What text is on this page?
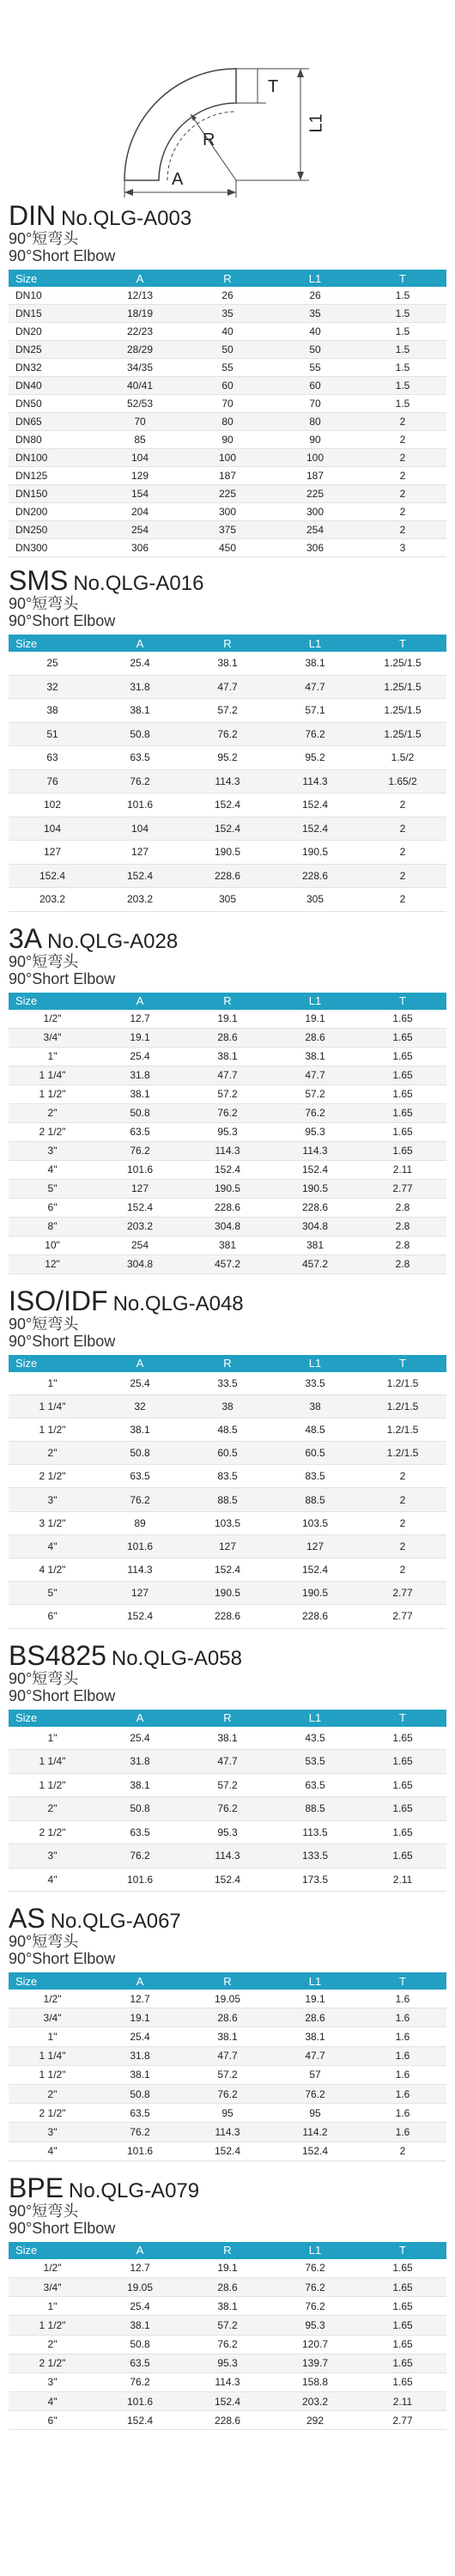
T
R
L1
A
DIN No.QLG-A003
90°短弯头
90°Short Elbow
Size	A	R	L1	T
DN10	12/13	26	26	1.5
DN15	18/19	35	35	1.5
DN20	22/23	40	40	1.5
DN25	28/29	50	50	1.5
DN32	34/35	55	55	1.5
DN40	40/41	60	60	1.5
DN50	52/53	70	70	1.5
DN65	70	80	80	2
DN80	85	90	90	2
DN100	104	100	100	2
DN125	129	187	187	2
DN150	154	225	225	2
DN200	204	300	300	2
DN250	254	375	254	2
DN300	306	450	306	3
SMS No.QLG-A016
90°短弯头
90°Short Elbow
Size	A	R	L1	T
25	25.4	38.1	38.1	1.25/1.5
32	31.8	47.7	47.7	1.25/1.5
38	38.1	57.2	57.1	1.25/1.5
51	50.8	76.2	76.2	1.25/1.5
63	63.5	95.2	95.2	1.5/2
76	76.2	114.3	114.3	1.65/2
102	101.6	152.4	152.4	2
104	104	152.4	152.4	2
127	127	190.5	190.5	2
152.4	152.4	228.6	228.6	2
203.2	203.2	305	305	2
3A No.QLG-A028
90°短弯头
90°Short Elbow
Size	A	R	L1	T
1/2"	12.7	19.1	19.1	1.65
3/4"	19.1	28.6	28.6	1.65
1"	25.4	38.1	38.1	1.65
1 1/4"	31.8	47.7	47.7	1.65
1 1/2"	38.1	57.2	57.2	1.65
2"	50.8	76.2	76.2	1.65
2 1/2"	63.5	95.3	95.3	1.65
3"	76.2	114.3	114.3	1.65
4"	101.6	152.4	152.4	2.11
5"	127	190.5	190.5	2.77
6"	152.4	228.6	228.6	2.8
8"	203.2	304.8	304.8	2.8
10"	254	381	381	2.8
12"	304.8	457.2	457.2	2.8
ISO/IDF No.QLG-A048
90°短弯头
90°Short Elbow
Size	A	R	L1	T
1"	25.4	33.5	33.5	1.2/1.5
1 1/4"	32	38	38	1.2/1.5
1 1/2"	38.1	48.5	48.5	1.2/1.5
2"	50.8	60.5	60.5	1.2/1.5
2 1/2"	63.5	83.5	83.5	2
3"	76.2	88.5	88.5	2
3 1/2"	89	103.5	103.5	2
4"	101.6	127	127	2
4 1/2"	114.3	152.4	152.4	2
5"	127	190.5	190.5	2.77
6"	152.4	228.6	228.6	2.77
BS4825 No.QLG-A058
90°短弯头
90°Short Elbow
Size	A	R	L1	T
1"	25.4	38.1	43.5	1.65
1 1/4"	31.8	47.7	53.5	1.65
1 1/2"	38.1	57.2	63.5	1.65
2"	50.8	76.2	88.5	1.65
2 1/2"	63.5	95.3	113.5	1.65
3"	76.2	114.3	133.5	1.65
4"	101.6	152.4	173.5	2.11
AS No.QLG-A067
90°短弯头
90°Short Elbow
Size	A	R	L1	T
1/2"	12.7	19.05	19.1	1.6
3/4"	19.1	28.6	28.6	1.6
1"	25.4	38.1	38.1	1.6
1 1/4"	31.8	47.7	47.7	1.6
1 1/2"	38.1	57.2	57	1.6
2"	50.8	76.2	76.2	1.6
2 1/2"	63.5	95	95	1.6
3"	76.2	114.3	114.2	1.6
4"	101.6	152.4	152.4	2
BPE No.QLG-A079
90°短弯头
90°Short Elbow
Size	A	R	L1	T
1/2"	12.7	19.1	76.2	1.65
3/4"	19.05	28.6	76.2	1.65
1"	25.4	38.1	76.2	1.65
1 1/2"	38.1	57.2	95.3	1.65
2"	50.8	76.2	120.7	1.65
2 1/2"	63.5	95.3	139.7	1.65
3"	76.2	114.3	158.8	1.65
4"	101.6	152.4	203.2	2.11
6"	152.4	228.6	292	2.77
